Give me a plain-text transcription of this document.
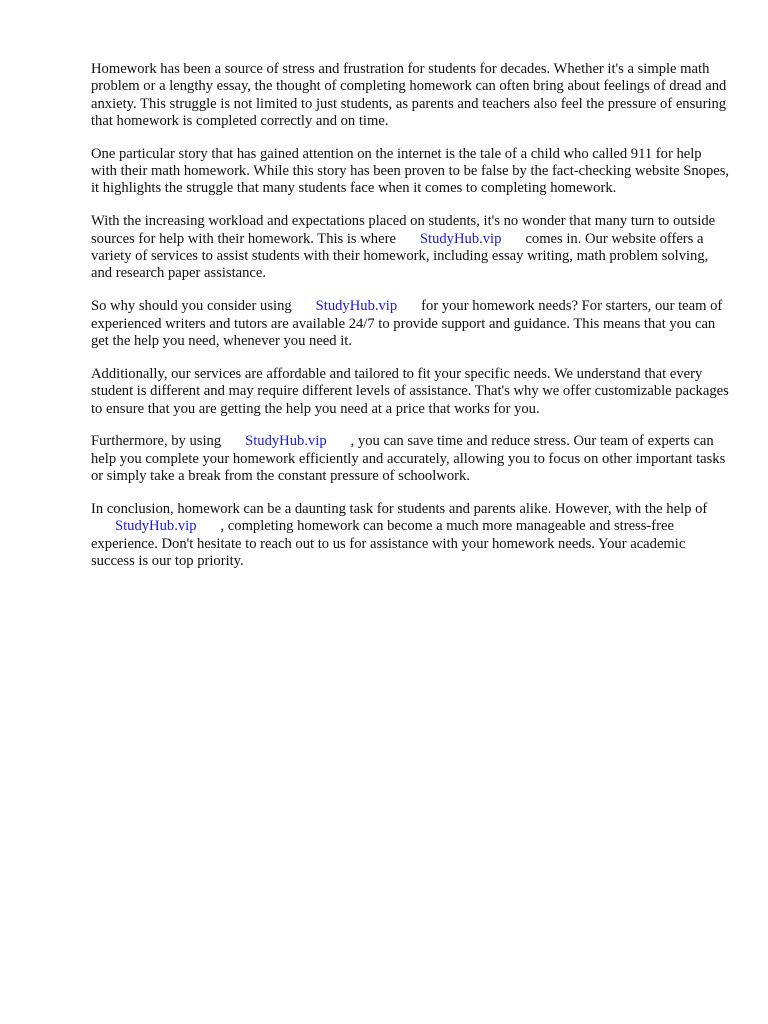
Homework has been a source of stress and frustration for students for decades. Whether it's a simple math problem or a lengthy essay, the thought of completing homework can often bring about feelings of dread and anxiety. This struggle is not limited to just students, as parents and teachers also feel the pressure of ensuring that homework is completed correctly and on time.

One particular story that has gained attention on the internet is the tale of a child who called 911 for help with their math homework. While this story has been proven to be false by the fact-checking website Snopes, it highlights the struggle that many students face when it comes to completing homework.

With the increasing workload and expectations placed on students, it's no wonder that many turn to outside sources for help with their homework. This is where StudyHub.vip comes in. Our website offers a variety of services to assist students with their homework, including essay writing, math problem solving, and research paper assistance.

So why should you consider using StudyHub.vip for your homework needs? For starters, our team of experienced writers and tutors are available 24/7 to provide support and guidance. This means that you can get the help you need, whenever you need it.

Additionally, our services are affordable and tailored to fit your specific needs. We understand that every student is different and may require different levels of assistance. That's why we offer customizable packages to ensure that you are getting the help you need at a price that works for you.

Furthermore, by using StudyHub.vip , you can save time and reduce stress. Our team of experts can help you complete your homework efficiently and accurately, allowing you to focus on other important tasks or simply take a break from the constant pressure of schoolwork.

In conclusion, homework can be a daunting task for students and parents alike. However, with the help ofStudyHub.vip , completing homework can become a much more manageable and stress-free experience. Don't hesitate to reach out to us for assistance with your homework needs. Your academic success is our top priority.
